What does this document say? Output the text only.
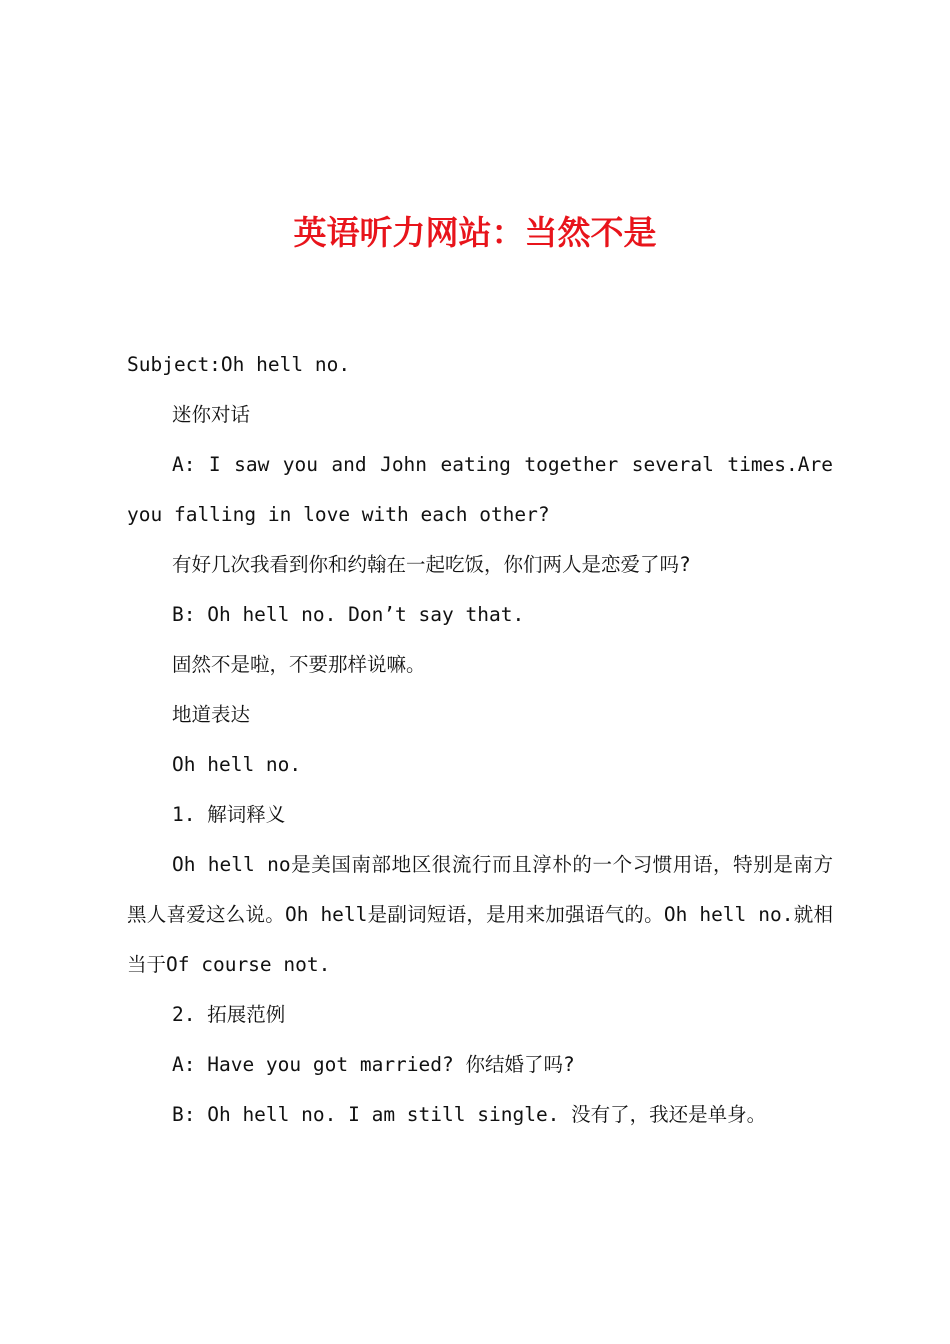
英语听力网站：当然不是

Subject:Oh hell no.

迷你对话

A: I saw you and John eating together several times.Are you falling in love with each other?

有好几次我看到你和约翰在一起吃饭，你们两人是恋爱了吗?

B: Oh hell no. Don’t say that.

固然不是啦，不要那样说嘛。

地道表达

Oh hell no.

1. 解词释义

Oh hell no是美国南部地区很流行而且淳朴的一个习惯用语，特别是南方黑人喜爱这么说。Oh hell是副词短语，是用来加强语气的。Oh hell no.就相当于Of course not.

2. 拓展范例

A: Have you got married? 你结婚了吗?

B: Oh hell no. I am still single. 没有了，我还是单身。
